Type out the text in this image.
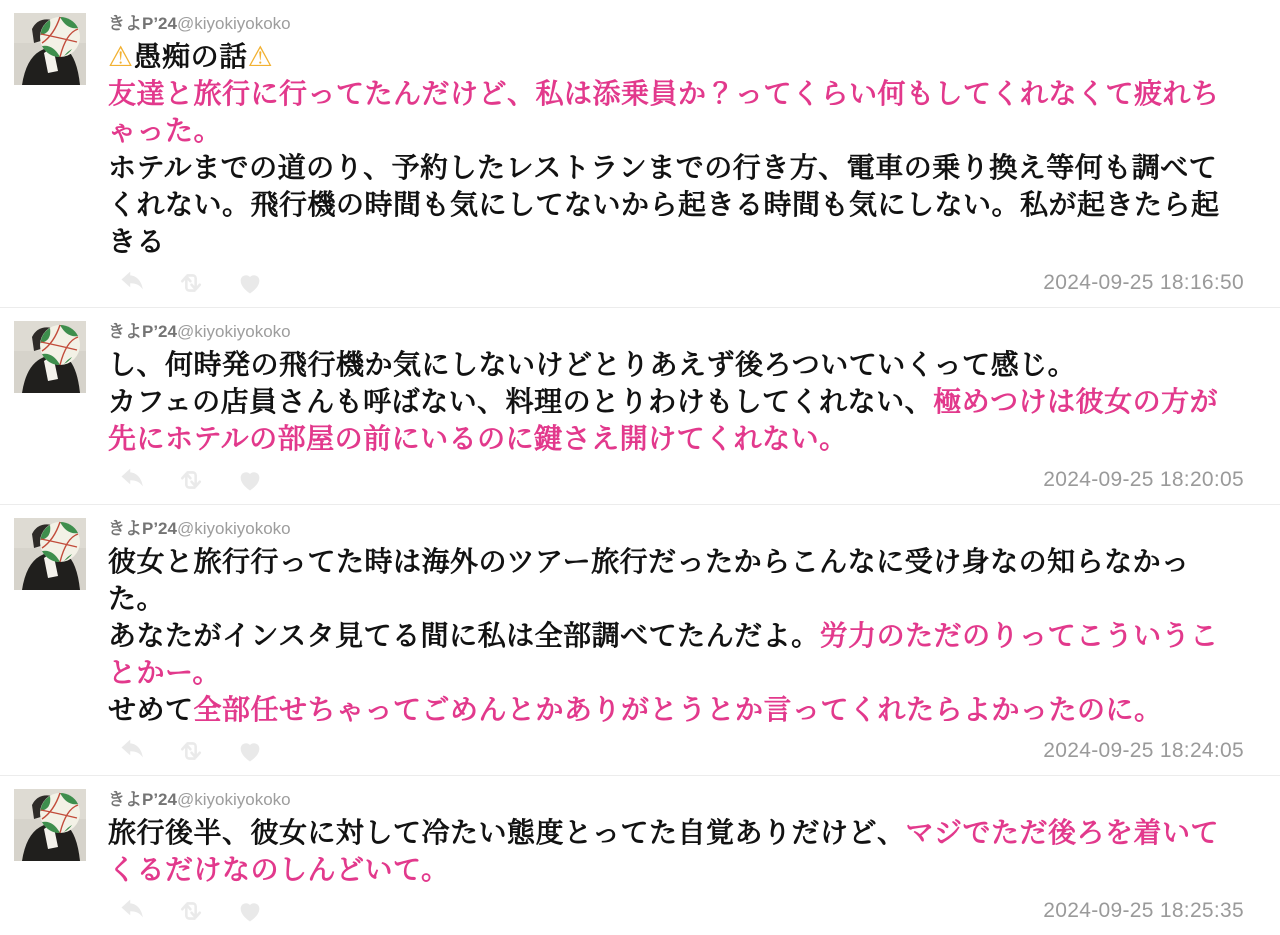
きよP’24@kiyokiyokoko
⚠愚痴の話⚠
友達と旅行に行ってたんだけど、私は添乗員か？ってくらい何もしてくれなくて疲れちゃった。
ホテルまでの道のり、予約したレストランまでの行き方、電車の乗り換え等何も調べてくれない。飛行機の時間も気にしてないから起きる時間も気にしない。私が起きたら起きる
2024-09-25 18:16:50
きよP’24@kiyokiyokoko
し、何時発の飛行機か気にしないけどとりあえず後ろついていくって感じ。
カフェの店員さんも呼ばない、料理のとりわけもしてくれない、極めつけは彼女の方が先にホテルの部屋の前にいるのに鍵さえ開けてくれない。
2024-09-25 18:20:05
きよP’24@kiyokiyokoko
彼女と旅行行ってた時は海外のツアー旅行だったからこんなに受け身なの知らなかった。
あなたがインスタ見てる間に私は全部調べてたんだよ。労力のただのりってこういうことかー。
せめて全部任せちゃってごめんとかありがとうとか言ってくれたらよかったのに。
2024-09-25 18:24:05
きよP’24@kiyokiyokoko
旅行後半、彼女に対して冷たい態度とってた自覚ありだけど、マジでただ後ろを着いてくるだけなのしんどいて。
2024-09-25 18:25:35
